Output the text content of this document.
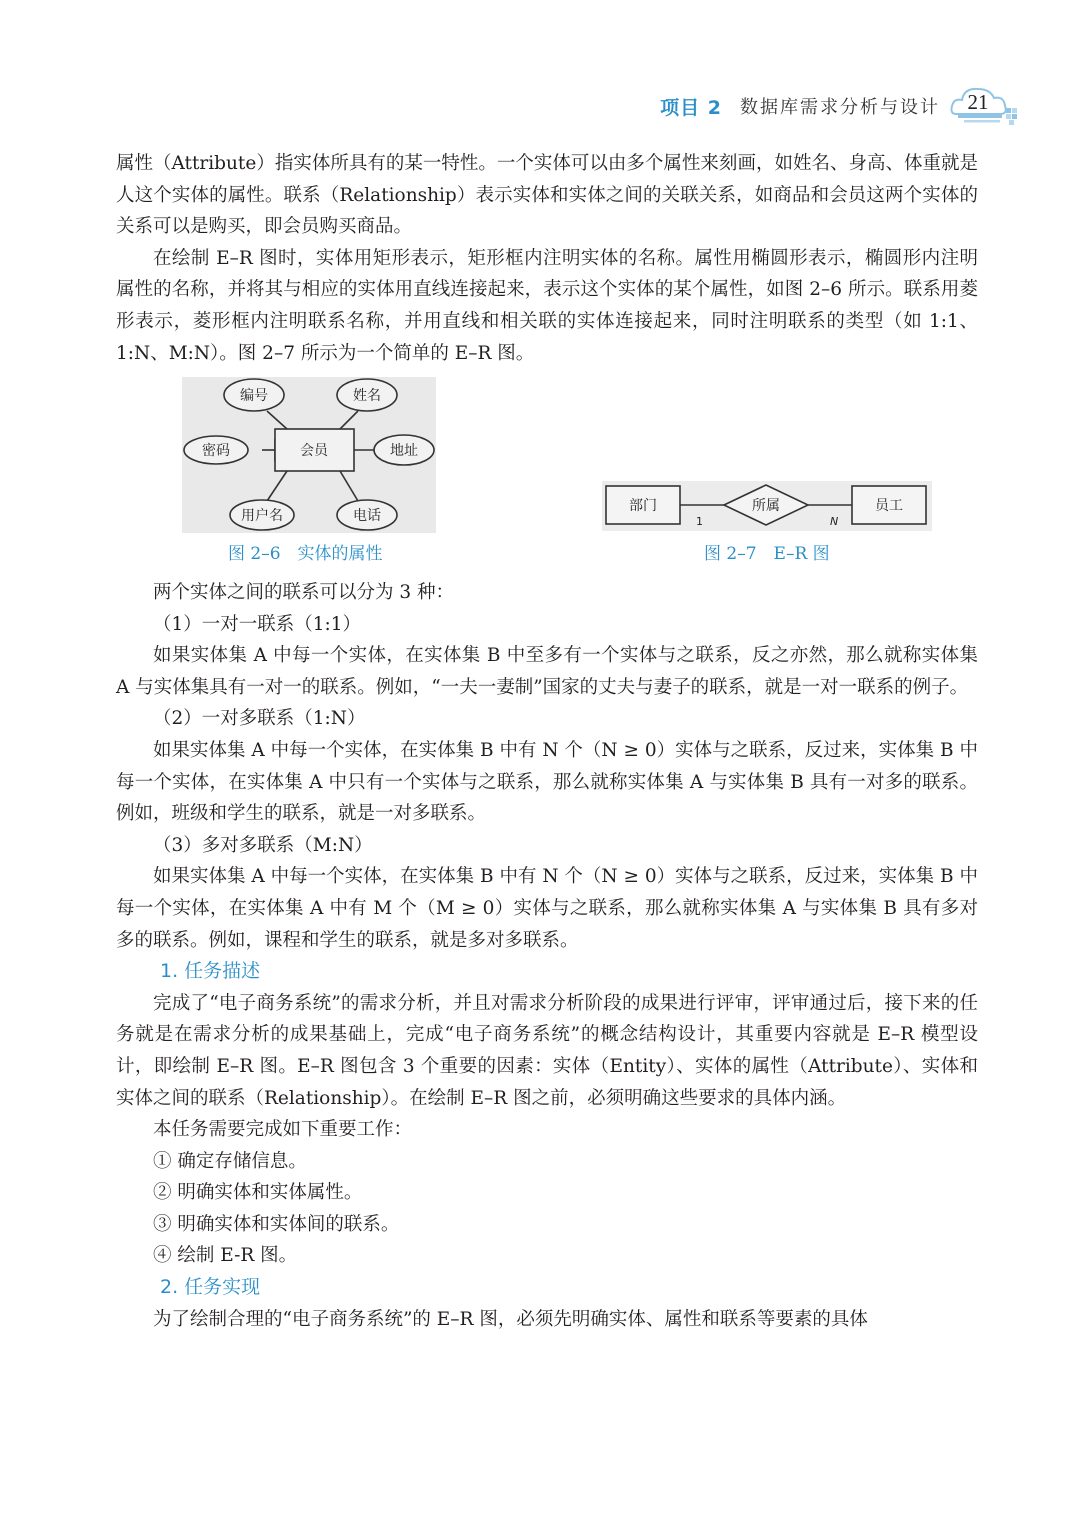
项目 2 数据库需求分析与设计	21

属性（Attribute）指实体所具有的某一特性。一个实体可以由多个属性来刻画，如姓名、身高、体重就是人这个实体的属性。联系（Relationship）表示实体和实体之间的关联关系，如商品和会员这两个实体的关系可以是购买，即会员购买商品。

在绘制 E–R 图时，实体用矩形表示，矩形框内注明实体的名称。属性用椭圆形表示，椭圆形内注明属性的名称，并将其与相应的实体用直线连接起来，表示这个实体的某个属性，如图 2–6 所示。联系用菱形表示，菱形框内注明联系名称，并用直线和相关联的实体连接起来，同时注明联系的类型（如 1:1、1:N、M:N）。图 2–7 所示为一个简单的 E–R 图。

会员
编号	姓名
密码	地址
用户名	电话
部门	所属	员工
1	N
图 2–6　实体的属性	图 2–7　E–R 图

两个实体之间的联系可以分为 3 种：

（1）一对一联系（1:1）

如果实体集 A 中每一个实体，在实体集 B 中至多有一个实体与之联系，反之亦然，那么就称实体集 A 与实体集具有一对一的联系。例如，“一夫一妻制”国家的丈夫与妻子的联系，就是一对一联系的例子。

（2）一对多联系（1:N）

如果实体集 A 中每一个实体，在实体集 B 中有 N 个（N ≥ 0）实体与之联系，反过来，实体集 B 中每一个实体，在实体集 A 中只有一个实体与之联系，那么就称实体集 A 与实体集 B 具有一对多的联系。例如，班级和学生的联系，就是一对多联系。

（3）多对多联系（M:N）

如果实体集 A 中每一个实体，在实体集 B 中有 N 个（N ≥ 0）实体与之联系，反过来，实体集 B 中每一个实体，在实体集 A 中有 M 个（M ≥ 0）实体与之联系，那么就称实体集 A 与实体集 B 具有多对多的联系。例如，课程和学生的联系，就是多对多联系。

1. 任务描述

完成了“电子商务系统”的需求分析，并且对需求分析阶段的成果进行评审，评审通过后，接下来的任务就是在需求分析的成果基础上，完成“电子商务系统”的概念结构设计，其重要内容就是 E–R 模型设计，即绘制 E–R 图。E–R 图包含 3 个重要的因素：实体（Entity）、实体的属性（Attribute）、实体和实体之间的联系（Relationship）。在绘制 E–R 图之前，必须明确这些要求的具体内涵。

本任务需要完成如下重要工作：

① 确定存储信息。

② 明确实体和实体属性。

③ 明确实体和实体间的联系。

④ 绘制 E-R 图。

2. 任务实现

为了绘制合理的“电子商务系统”的 E–R 图，必须先明确实体、属性和联系等要素的具体
